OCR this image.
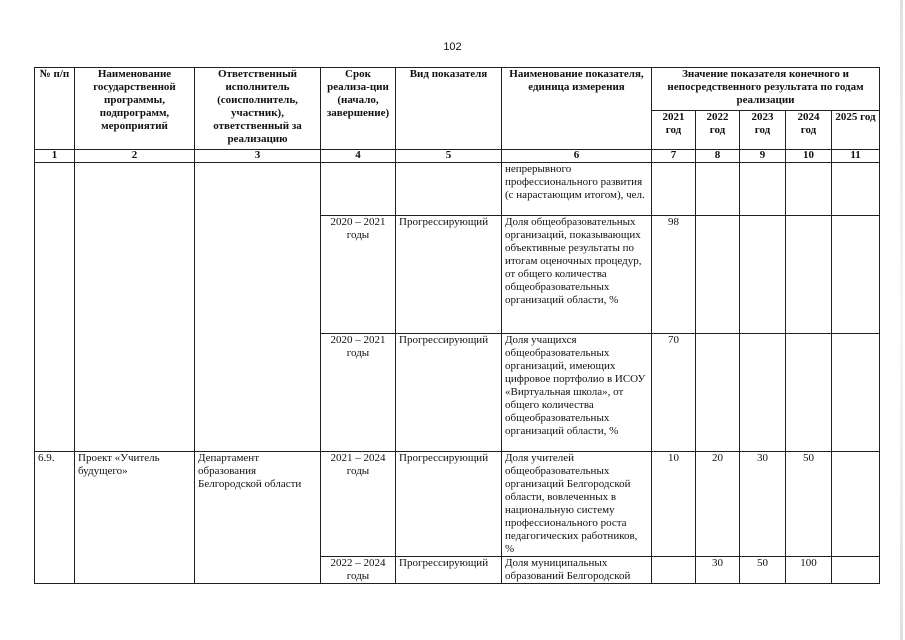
102
№ п/п	Наименование государственной программы, подпрограмм, мероприятий	Ответственный исполнитель (соисполнитель, участник), ответственный за реализацию	Срок реализа-ции (начало, завершение)	Вид показателя	Наименование показателя, единица измерения	Значение показателя конечного и непосредственного результата по годам реализации				
						2021 год	2022 год	2023 год	2024 год	2025 год
1	2	3	4	5	6	7	8	9	10	11
					непрерывного профессионального развития (с нарастающим итогом), чел.					
			2020 – 2021 годы	Прогрессирующий	Доля общеобразовательных организаций, показывающих объективные результаты по итогам оценочных процедур, от общего количества общеобразовательных организаций области, %	98				
			2020 – 2021 годы	Прогрессирующий	Доля учащихся общеобразовательных организаций, имеющих цифровое портфолио в ИСОУ «Виртуальная школа», от общего количества общеобразовательных организаций области, %	70				
6.9.	Проект «Учитель будущего»	Департамент образования Белгородской области	2021 – 2024 годы	Прогрессирующий	Доля учителей общеобразовательных организаций Белгородской области, вовлеченных в национальную систему профессионального роста педагогических работников, %	10	20	30	50	
			2022 – 2024 годы	Прогрессирующий	Доля муниципальных образований Белгородской		30	50	100	
